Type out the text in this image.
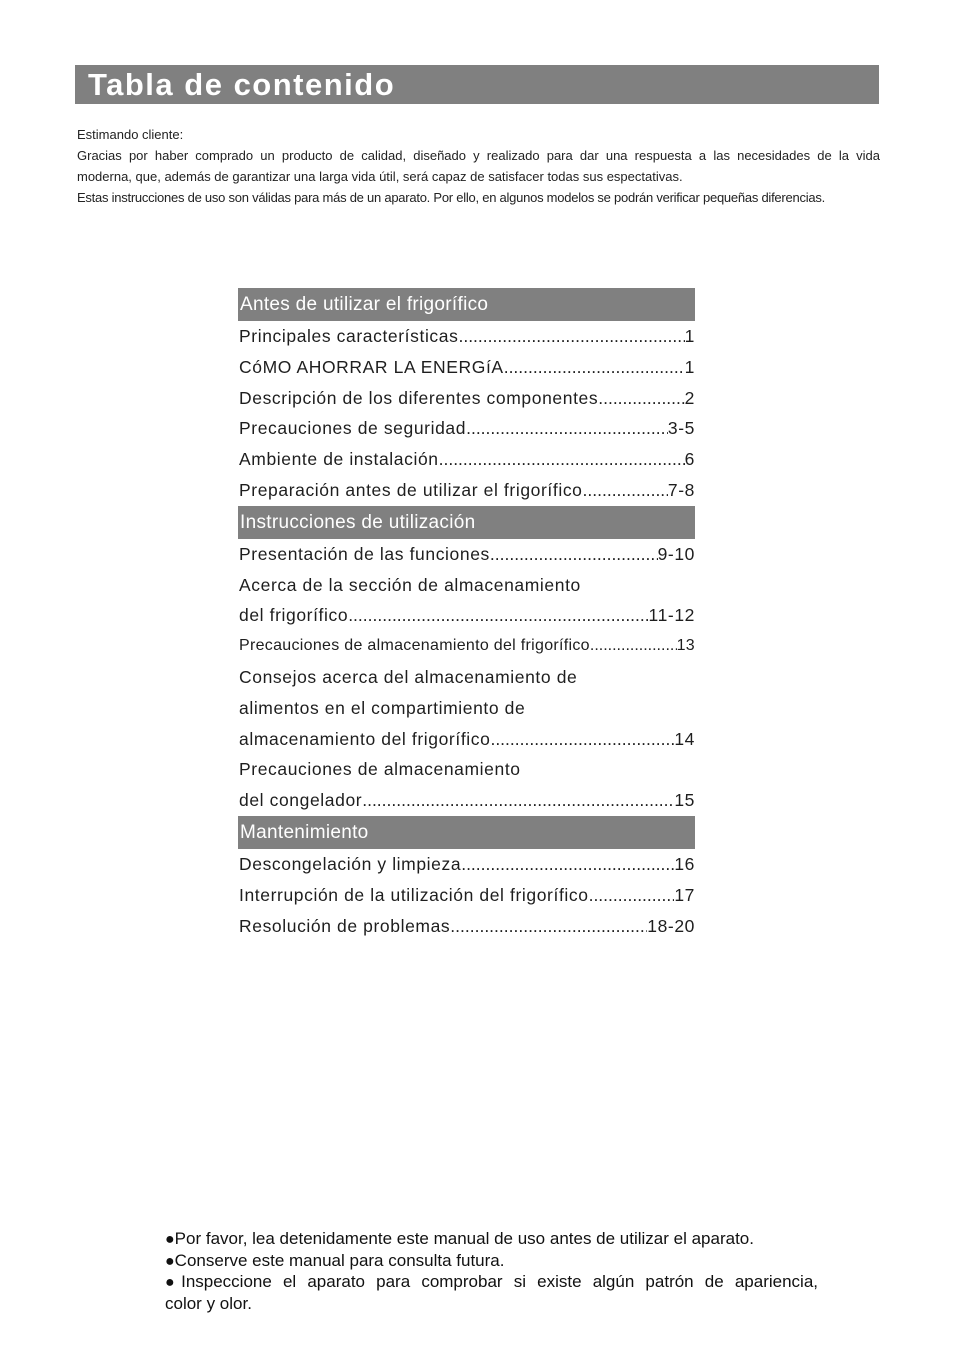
Tabla de contenido

Estimando cliente:

Gracias por haber comprado un producto de calidad, diseñado y realizado para dar una respuesta a las necesidades de la vida

moderna, que, además de garantizar una larga vida útil, será capaz de satisfacer todas sus espectativas.

Estas instrucciones de uso son válidas para más de un aparato. Por ello, en algunos modelos se podrán verificar pequeñas diferencias.

Antes de utilizar el frigorífico
Principales características .....	1
CóMO AHORRAR LA ENERGíA .....	1
Descripción de los diferentes componentes .....	2
Precauciones de seguridad .....	3-5
Ambiente de instalación .....	6
Preparación antes de utilizar el frigorífico .....	7-8
Instrucciones de utilización
Presentación de las funciones .....	9-10
Acerca de la sección de almacenamiento
del frigorífico .....	11-12
Precauciones de almacenamiento del frigorífico .....	13
Consejos acerca del almacenamiento de
alimentos en el compartimiento de
almacenamiento del frigorífico .....	14
Precauciones de almacenamiento
del congelador .....	15
Mantenimiento
Descongelación y limpieza .....	16
Interrupción de la utilización del frigorífico .....	17
Resolución de problemas .....	18-20

●Por favor, lea detenidamente este manual de uso antes de utilizar el aparato.

●Conserve este manual para consulta futura.

●Inspeccione el aparato para comprobar si existe algún patrón de apariencia,

color y olor.
